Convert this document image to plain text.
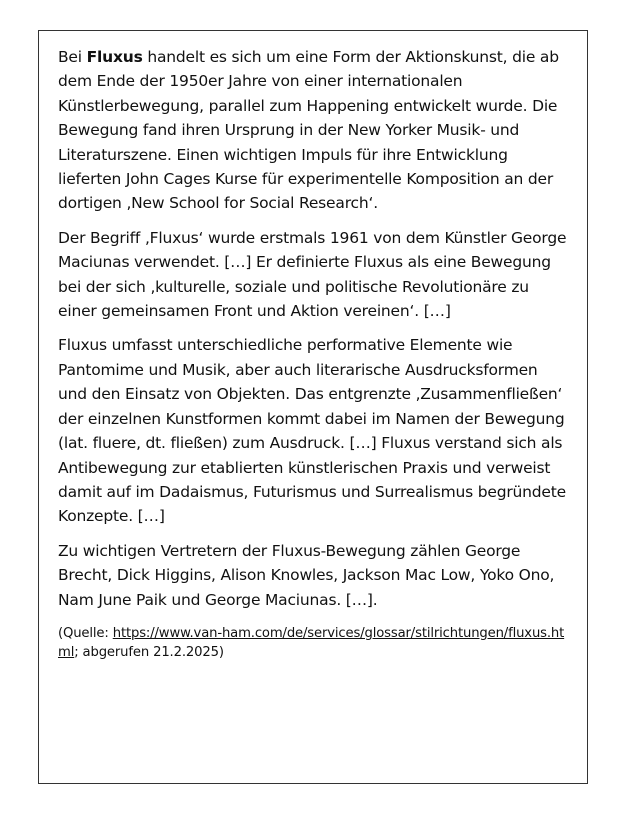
Bei Fluxus handelt es sich um eine Form der Aktionskunst, die ab dem Ende der 1950er Jahre von einer internationalen Künstlerbewegung, parallel zum Happening entwickelt wurde. Die Bewegung fand ihren Ursprung in der New Yorker Musik- und Literaturszene. Einen wichtigen Impuls für ihre Entwicklung lieferten John Cages Kurse für experimentelle Komposition an der dortigen ‚New School for Social Research‘.

Der Begriff ‚Fluxus‘ wurde erstmals 1961 von dem Künstler George Maciunas verwendet. […] Er definierte Fluxus als eine Bewegung bei der sich ‚kulturelle, soziale und politische Revolutionäre zu einer gemeinsamen Front und Aktion vereinen‘. […]

Fluxus umfasst unterschiedliche performative Elemente wie Pantomime und Musik, aber auch literarische Ausdrucksformen und den Einsatz von Objekten. Das entgrenzte ‚Zusammenfließen‘ der einzelnen Kunstformen kommt dabei im Namen der Bewegung (lat. fluere, dt. fließen) zum Ausdruck. […] Fluxus verstand sich als Antibewegung zur etablierten künstlerischen Praxis und verweist damit auf im Dadaismus, Futurismus und Surrealismus begründete Konzepte. […]

Zu wichtigen Vertretern der Fluxus-Bewegung zählen George Brecht, Dick Higgins, Alison Knowles, Jackson Mac Low, Yoko Ono, Nam June Paik und George Maciunas. […].

(Quelle: https://www.van-ham.com/de/services/glossar/stilrichtungen/fluxus.html; abgerufen 21.2.2025)
